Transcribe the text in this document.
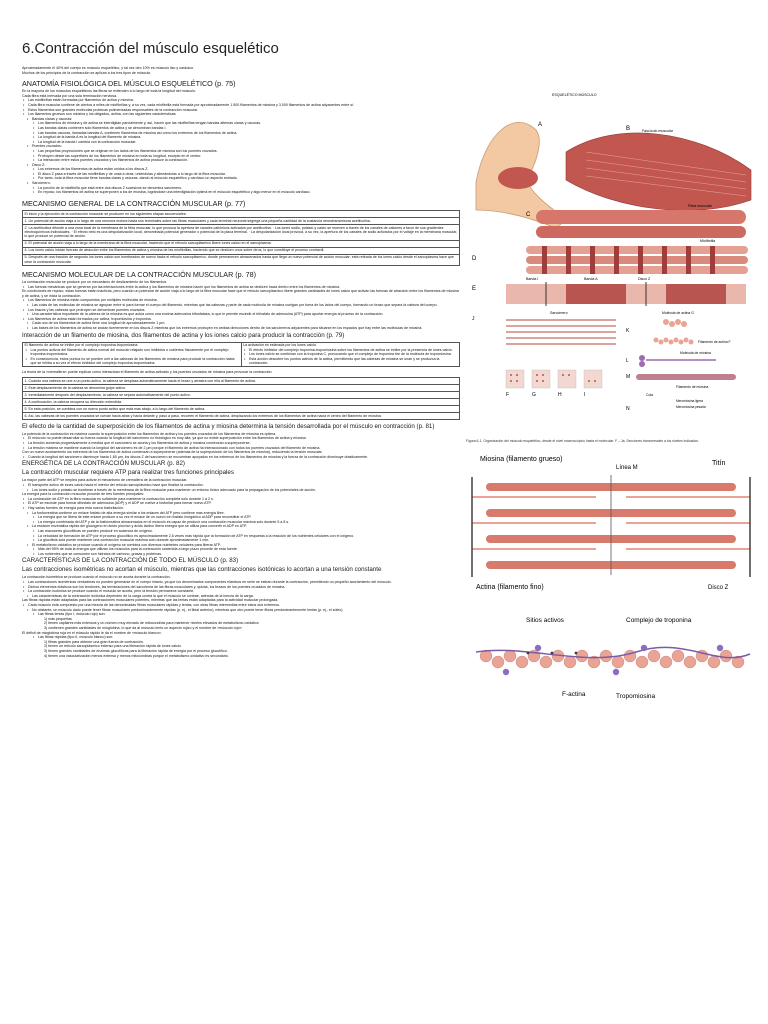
6.Contracción del músculo esquelético

Aproximadamente el 40% del cuerpo es músculo esquelético, y tal vez otro 10% es músculo liso y cardíaco.

Muchos de los principios de la contracción se aplican a los tres tipos de músculo.

ANATOMÍA FISIOLÓGICA DEL MÚSCULO ESQUELÉTICO (p. 75)

En la mayoría de los músculos esqueléticos las fibras se extienden a lo largo de toda la longitud del músculo.

Cada fibra está inervada por una sola terminación nerviosa.

• Las miofibrillas están formadas por filamentos de actina y miosina.
• Cada fibra muscular contiene de cientos a miles de miofibrillas y, a su vez, cada miofibrilla está formada por aproximadamente 1.500 filamentos de miosina y 3.000 filamentos de actina adyacentes entre sí.
• Estos filamentos son grandes moléculas proteicas polimerizadas responsables de la contracción muscular.
• Los filamentos gruesos son miosina y los delgados, actina, con las siguientes características:
• Bandas claras y oscuras:
• Los filamentos de miosina y de actina se interdigitan parcialmente y, así, hacen que las miofibrillas tengan bandas alternas claras y oscuras.
• Las bandas claras contienen solo filamentos de actina y se denominan bandas I.
• Las bandas oscuras, llamadas bandas A, contienen filamentos de miosina así como los extremos de los filamentos de actina.
• La longitud de la banda A es la longitud del filamento de miosina.
• La longitud de la banda I cambia con la contracción muscular.
• Puentes cruzados:
• Las pequeñas proyecciones que se originan en los lados de los filamentos de miosina son los puentes cruzados.
• Protruyen desde las superficies de los filamentos de miosina en toda su longitud, excepto en el centro.
• La interacción entre estos puentes cruzados y los filamentos de actina produce la contracción.
• Disco Z:
• Los extremos de los filamentos de actina están unidos a los discos Z.
• El disco Z pasa a través de las miofibrillas y de unas a otras, uniéndolas y alineándolas a lo largo de la fibra muscular.
• Por tanto, toda la fibra muscular tiene bandas claras y oscuras, dando al músculo esquelético y cardíaco un aspecto estriado.
• Sarcómero:
• La porción de la miofibrilla que está entre dos discos Z sucesivos se denomina sarcómero.
• En reposo, los filamentos de actina se superponen a los de miosina, lográndose una interdigitación óptima en el músculo esquelético y algo menor en el músculo cardíaco.
MECANISMO GENERAL DE LA CONTRACCIÓN MUSCULAR (p. 77)
El inicio y la ejecución de la contracción muscular se producen en los siguientes etapas secuenciales:
1. Un potencial de acción viaja a lo largo de una neurona motora hasta sus terminales sobre las fibras musculares y cada terminal neuronal segrega una pequeña cantidad de la sustancia neurotransmisora acetilcolina.
2. La acetilcolina difunde a una zona local de la membrana de la fibra muscular, lo que provoca la apertura de canales catiónicos activados por acetilcolina. · Los iones sodio, potasio y calcio se mueven a través de los canales de cationes a favor de sus gradientes electroquímicos individuales. · El efecto neto es una despolarización local, denominada potencial generador o potencial de la placa terminal. · La despolarización local provoca, a su vez, la apertura de los canales de sodio activados por el voltaje en la membrana muscular, lo que produce un potencial de acción.
3. El potencial de acción viaja a lo largo de la membrana de la fibra muscular, haciendo que el retículo sarcoplásmico libere iones calcio en el sarcoplasma.
4. Los iones calcio inician fuerzas de atracción entre los filamentos de actina y miosina de las miofibrillas, haciendo que se deslicen unos sobre otros, lo que constituye el proceso contráctil.
5. Después de una fracción de segundo los iones calcio son bombeados de nuevo hacia el retículo sarcoplásmico, donde permanecen almacenados hasta que llega un nuevo potencial de acción muscular; esta retirada de los iones calcio desde el sarcoplasma hace que cese la contracción muscular.
MECANISMO MOLECULAR DE LA CONTRACCIÓN MUSCULAR (p. 78)

La contracción muscular se produce por un mecanismo de deslizamiento de los filamentos.

• Las fuerzas mecánicas que se generan por las interacciones entre la actina y los filamentos de miosina hacen que los filamentos de actina se deslicen hacia dentro entre los filamentos de miosina.

En condiciones de reposo, estas fuerzas están inactivas, pero cuando un potencial de acción viaja a lo largo de la fibra muscular hace que el retículo sarcoplásmico libere grandes cantidades de iones calcio que activan las fuerzas de atracción entre los filamentos de miosina y de actina, y se inicia la contracción.

• Los filamentos de miosina están compuestos por múltiples moléculas de miosina.
• Las colas de las moléculas de miosina se agrupan entre sí para formar el cuerpo del filamento, mientras que las cabezas y parte de cada molécula de miosina cuelgan por fuera de los lados del cuerpo, formando un brazo que separa la cabeza del cuerpo.
• Los brazos y las cabezas que protruyen se denominan puentes cruzados.
• Una característica importante de la cabeza de la miosina es que actúa como una enzima adenosina trifosfatasa, lo que le permite escindir el trifosfato de adenosina (ATP) para aportar energía al proceso de la contracción.
• Los filamentos de actina están formados por actina, tropomiosina y troponina.
• Cada uno de los filamentos de actina tiene una longitud de aproximadamente 1 µm.
• Las bases de los filamentos de actina se anclan fuertemente en los discos Z mientras que los extremos protruyen en ambas direcciones dentro de los sarcómeros adyacentes para situarse en los espacios que hay entre las moléculas de miosina.
Interacción de un filamento de miosina, dos filamentos de actina y los iones calcio para producir la contracción (p. 79)
El filamento de actina se inhibe por el complejo troponina-tropomiosina.
• Los puntos activos del filamento de actina normal del músculo relajado son inhibidos o cubiertos físicamente por el complejo troponina-tropomiosina.
• En consecuencia, estos puntos no se pueden unir a las cabezas de los filamentos de miosina para producir la contracción hasta que se inhiba a su vez el efecto inhibidor del complejo troponina-tropomiosina.

La activación es estimada por los iones calcio.
• El efecto inhibidor del complejo troponina-tropomiosina sobre los filamentos de actina se inhibe por la presencia de iones calcio.
• Los iones calcio se combinan con la troponina C, provocando que el complejo de troponina tire de la molécula de tropomiosina.
• Esta acción descubre los puntos activos de la actina, permitiendo que las cabezas de miosina se unan y se produzca la contracción.

La teoría de la «cremallera» puede explicar cómo interactúan el filamento de actina activado y los puentes cruzados de miosina para provocar la contracción.

1. Cuando una cabeza se une a un punto activo, la cabeza se desplaza automáticamente hacia el brazo y arrastra con ella al filamento de actina.
2. Este desplazamiento de la cabeza se denomina golpe activo.
3. Inmediatamente después del desplazamiento, la cabeza se separa automáticamente del punto activo.
4. A continuación, la cabeza recupera su dirección extendida.
5. En esta posición, se combina con un nuevo punto activo que está más abajo, a lo largo del filamento de actina.
6. Así, las cabezas de los puentes cruzados se curvan hacia atrás y hacia delante y, paso a paso, recorren el filamento de actina, desplazando los extremos de los filamentos de actina hacia el centro del filamento de miosina.
El efecto de la cantidad de superposición de los filamentos de actina y miosina determina la tensión desarrollada por el músculo en contracción (p. 81)

La potencia de la contracción es máxima cuando la superposición entre los filamentos de actina y los puentes cruzados de los filamentos de miosina es óptima.

• El músculo no puede desarrollar su fuerza cuando la longitud del sarcómero no fisiológico es muy alta, ya que no existe superposición entre los filamentos de actina y miosina.
• La tensión aumenta progresivamente a medida que el sarcómero se acorta y los filamentos de actina y miosina comienzan a superponerse.
• La tensión máxima se mantiene cuando la longitud del sarcómero es de 2 µm porque el filamento de actina ha interaccionado con todos los puentes cruzados del filamento de miosina.

Con un nuevo acortamiento los extremos de los filamentos de actina comienzan a superponerse (además de la superposición de los filamentos de miosina), reduciendo la tensión muscular.

• Cuando la longitud del sarcómero disminuye hasta 1,65 µm, los discos Z del sarcómero se encuentran apoyados en los extremos de los filamentos de miosina y la fuerza de la contracción disminuye drásticamente.
ENERGÉTICA DE LA CONTRACCIÓN MUSCULAR (p. 82)
La contracción muscular requiere ATP para realizar tres funciones principales

La mayor parte del ATP se emplea para activar el mecanismo de cremallera de la contracción muscular.

• El transporte activo de iones calcio hacia el interior del retículo sarcoplásmico hace que finalice la contracción.
• Los iones sodio y potasio se bombean a través de la membrana de la fibra muscular para mantener un entorno iónico adecuado para la propagación de los potenciales de acción.

La energía para la contracción muscular procede de tres fuentes principales:

• La contracción de ATP en la fibra muscular es suficiente para mantener la contracción completa solo durante 1 a 2 s.
• El ATP se escinde para formar difosfato de adenosina (ADP) y el ADP se vuelve a fosforilar para formar nuevo ATP.
• Hay varias fuentes de energía para esta nueva fosforilación.
• La fosfocreatina contiene un enlace fosfato de alta energía similar a los enlaces del ATP pero contiene más energía libre.
• La energía que se libera de este enlace produce a su vez el enlace de un nuevo ion fosfato inorgánico al ADP para reconstituir el ATP.
• La energía combinada del ATP y de la fosfocreatina almacenados en el músculo es capaz de producir una contracción muscular máxima solo durante 5 a 8 s.
• La escisión enzimática rápida del glucógeno en ácido pirúvico y ácido láctico libera energía que se utiliza para convertir el ADP en ATP.
• Las reacciones glucolíticas se pueden producir en ausencia de oxígeno.
• La velocidad de formación de ATP por el proceso glucolítico es aproximadamente 2,5 veces más rápida que la formación de ATP en respuesta a la reacción de los nutrientes celulares con el oxígeno.
• La glucólisis sola puede mantener una contracción muscular máxima solo durante aproximadamente 1 min.
• El metabolismo oxidativo se produce cuando el oxígeno se combina con diversos nutrientes celulares para liberar ATP.
• Más del 95% de toda la energía que utilizan los músculos para la contracción sostenida a largo plazo procede de esta fuente.
• Los nutrientes que se consumen son hidratos de carbono, grasas y proteínas.
CARACTERÍSTICAS DE LA CONTRACCIÓN DE TODO EL MÚSCULO (p. 83)
Las contracciones isométricas no acortan el músculo, mientras que las contracciones isotónicas lo acortan a una tensión constante

La contracción isométrica se produce cuando el músculo no se acorta durante la contracción.

• Las contracciones isométricas verdaderas no pueden generarse en el cuerpo intacto, ya que los denominados componentes elásticos en serie se estiran durante la contracción, permitiendo un pequeño acortamiento del músculo.
• Dichos elementos elásticos son los tendones, las terminaciones del sarcolema de las fibras musculares y, quizás, los brazos de los puentes cruzados de miosina.
• La contracción isotónica se produce cuando el músculo se acorta, pero la tensión permanece constante.
• Las características de la contracción isotónica dependen de la carga contra la que el músculo se contrae, además de la inercia de la carga.

Las fibras rápidas están adaptadas para las contracciones musculares potentes, mientras que las lentas están adaptadas para la actividad muscular prolongada.

• Cada músculo está compuesto por una mezcla de las denominadas fibras musculares rápidas y lentas, con otras fibras intermedias entre estos dos extremos.
• No obstante, un músculo dado puede tener fibras musculares predominantemente rápidas (p. ej., el tibial anterior), mientras que otro puede tener fibras predominantemente lentas (p. ej., el sóleo).
• Las fibras lentas (tipo I, músculo rojo) son:
1) más pequeñas
2) tienen capilares más extensos y un número muy elevado de mitocondrias para mantener niveles elevados de metabolismo oxidativo
3) contienen grandes cantidades de mioglobina, lo que da al músculo lento un aspecto rojizo y el nombre de «músculo rojo».

El déficit de mioglobina roja en el músculo rápido le da el nombre de «músculo blanco».

• Las fibras rápidas (tipo II, músculo blanco) son:
1) fibras grandes para obtener una gran fuerza de contracción.
2) tienen un retículo sarcoplásmico extenso para una liberación rápida de iones calcio.
3) tienen grandes cantidades de enzimas glucolíticas para la liberación rápida de energía por el proceso glucolítico.
4) tienen una vascularización menos extensa y menos mitocondrias porque el metabolismo oxidativo es secundario.
ESQUELÉTICO MÚSCULO
A
B	Fascículo muscular
C
Fibra muscular
D
Miofibrilla
E
Banda A
Banda I	Disco Z
Sarcómero	Molécula de actina G
Filamento de actina F
Molécula de miosina
Filamento de miosina
Cola
Meromiosina ligera
Meromiosina pesada
F	G	H	I
J
K
L
M
N
Figura 6-1. Organización del músculo esquelético, desde el nivel macroscópico hasta el molecular. F – Ja. Secciones transversales a los niveles indicados.
Miosina (filamento grueso)
Línea M
Titín
Actina (filamento fino)	Disco Z

Sitios activos	Complejo de troponina
F-actina	Tropomiosina
